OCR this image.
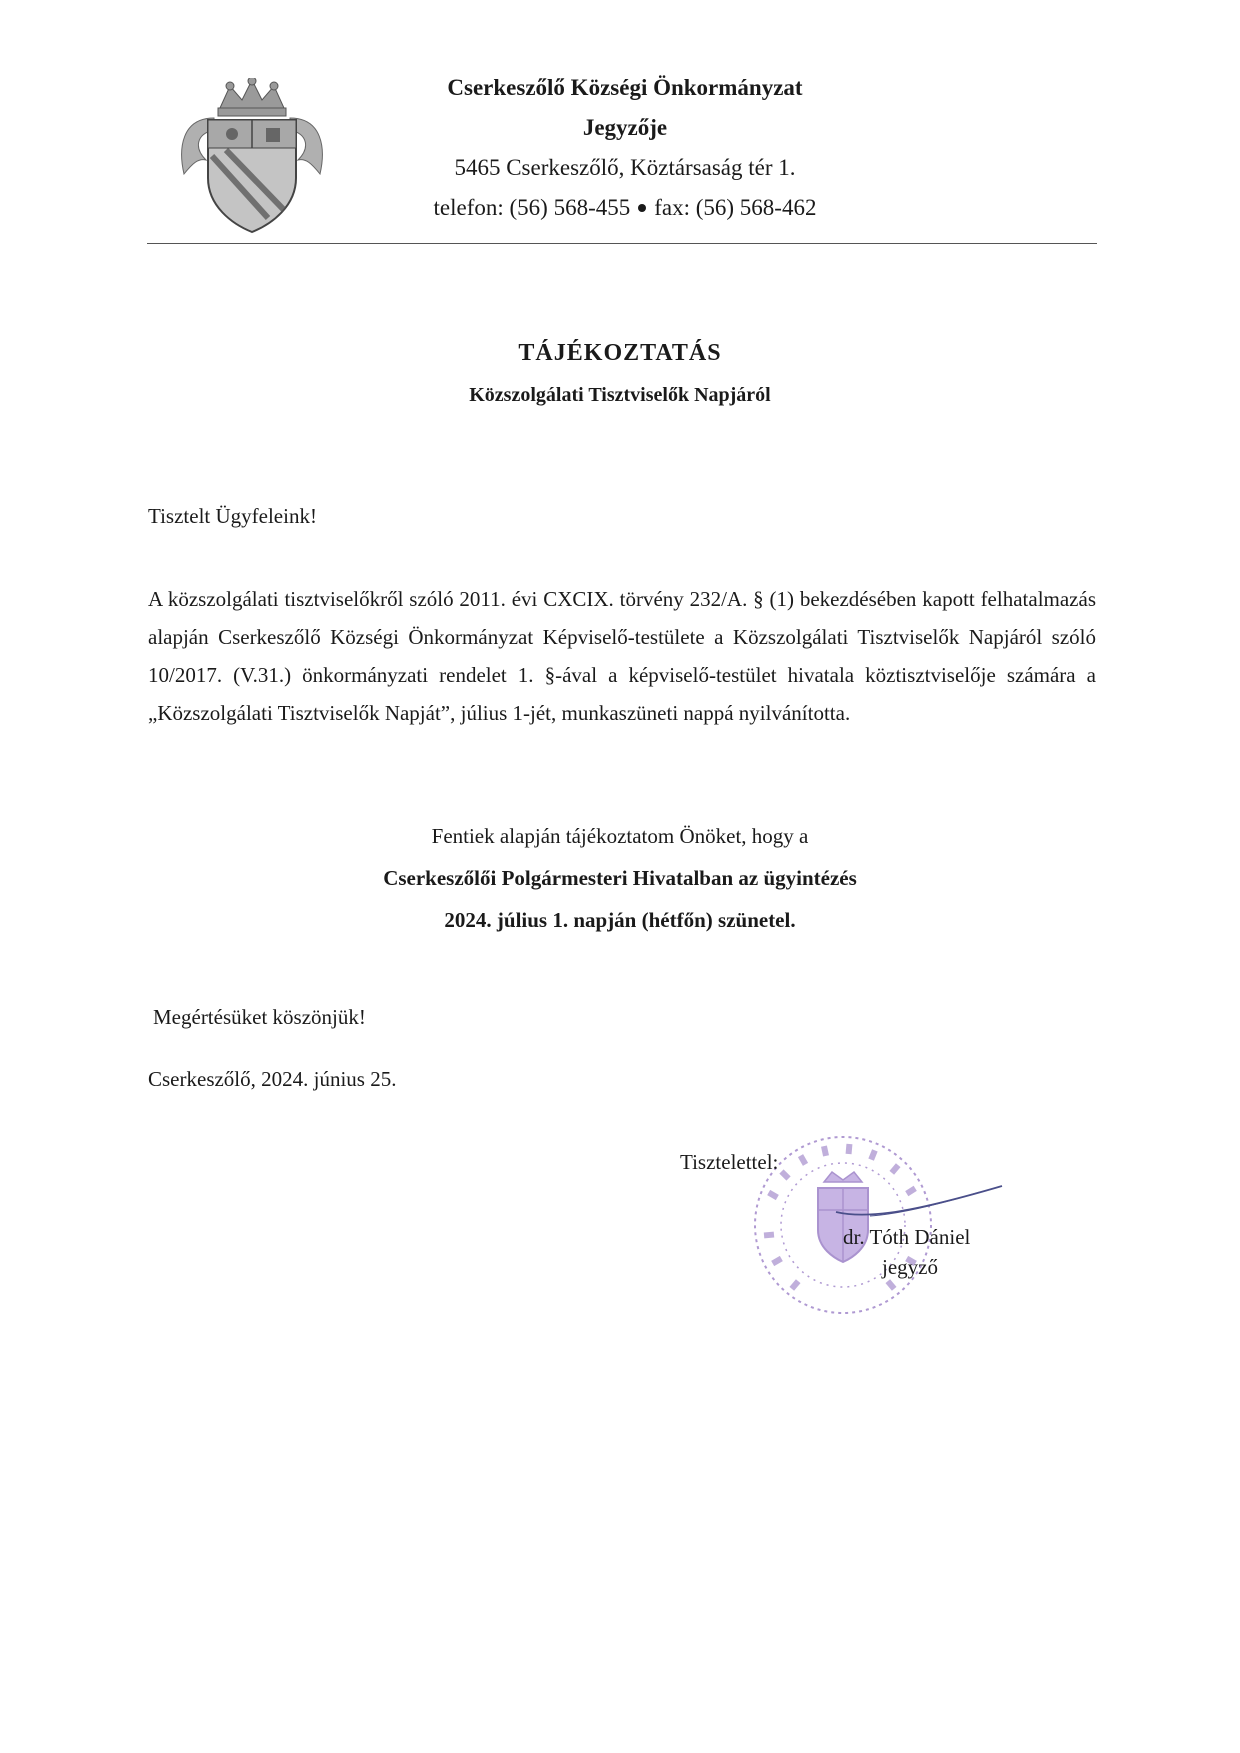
Cserkeszőlő Községi Önkormányzat
Jegyzője
5465 Cserkeszőlő, Köztársaság tér 1.
telefon: (56) 568-455 fax: (56) 568-462
TÁJÉKOZTATÁS
Közszolgálati Tisztviselők Napjáról
Tisztelt Ügyfeleink!
A közszolgálati tisztviselőkről szóló 2011. évi CXCIX. törvény 232/A. § (1) bekezdésében kapott felhatalmazás alapján Cserkeszőlő Községi Önkormányzat Képviselő-testülete a Közszolgálati Tisztviselők Napjáról szóló 10/2017. (V.31.) önkormányzati rendelet 1. §-ával a képviselő-testület hivatala köztisztviselője számára a „Közszolgálati Tisztviselők Napját”, július 1-jét, munkaszüneti nappá nyilvánította.
Fentiek alapján tájékoztatom Önöket, hogy a
Cserkeszőlői Polgármesteri Hivatalban az ügyintézés
2024. július 1. napján (hétfőn) szünetel.
Megértésüket köszönjük!
Cserkeszőlő, 2024. június 25.
Tisztelettel:
dr. Tóth Dániel
jegyző
